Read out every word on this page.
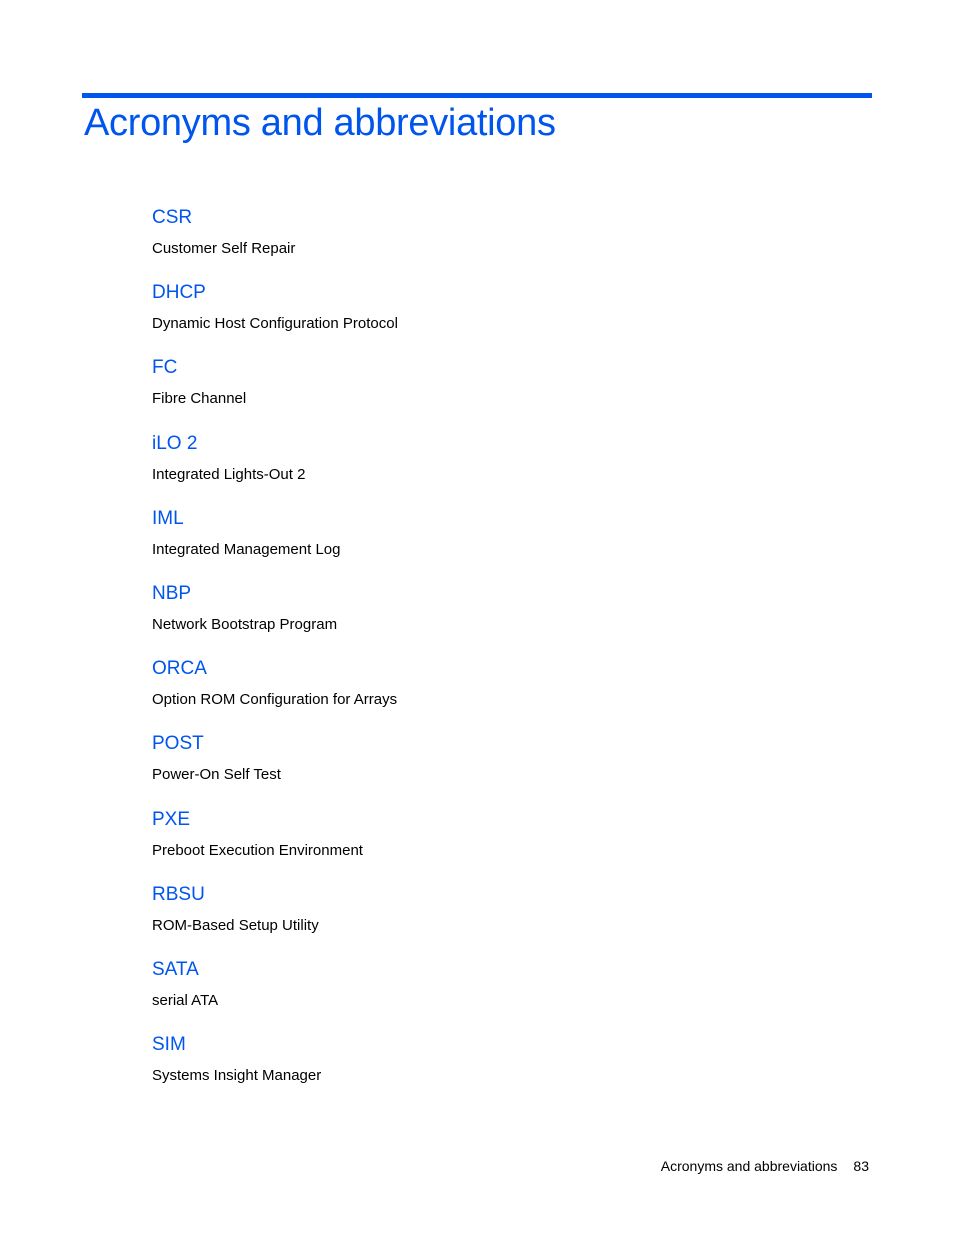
Acronyms and abbreviations
CSR
Customer Self Repair
DHCP
Dynamic Host Configuration Protocol
FC
Fibre Channel
iLO 2
Integrated Lights-Out 2
IML
Integrated Management Log
NBP
Network Bootstrap Program
ORCA
Option ROM Configuration for Arrays
POST
Power-On Self Test
PXE
Preboot Execution Environment
RBSU
ROM-Based Setup Utility
SATA
serial ATA
SIM
Systems Insight Manager
Acronyms and abbreviations 83
